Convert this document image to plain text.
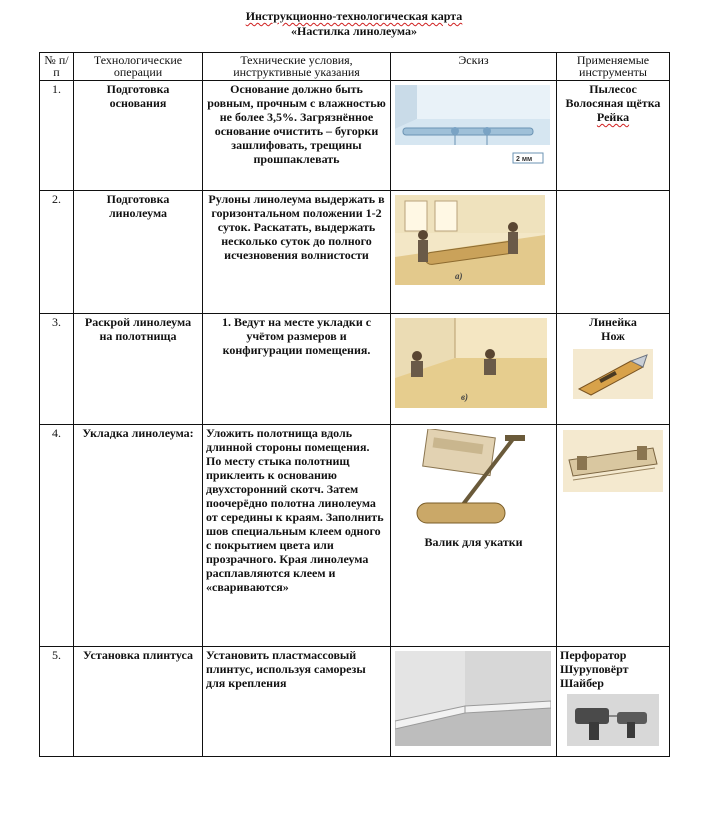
Инструкционно-технологическая карта
«Настилка линолеума»
№ п/п	Технологические операции	Технические условия, инструктивные указания	Эскиз	Применяемые инструменты
1.	Подготовка основания	Основание должно быть ровным, прочным с влажностью не более 3,5%. Загрязнённое основание очистить – бугорки зашлифовать, трещины прошпаклевать	2 мм	Пылесос
Волосяная щётка
Рейка

2.	Подготовка линолеума	Рулоны линолеума выдержать в горизонтальном положении 1-2 суток. Раскатать, выдержать несколько суток до полного исчезновения волнистости	а)	

3.	Раскрой линолеума на полотнища	1. Ведут на месте укладки с учётом размеров и конфигурации помещения.	в)	Линейка
Нож

4.	Укладка линолеума:	Уложить полотнища вдоль длинной стороны помещения. По месту стыка полотнищ приклеить к основанию двухсторонний скотч. Затем поочерёдно полотна линолеума от середины к краям. Заполнить шов специальным клеем одного с покрытием цвета или прозрачного. Края линолеума расплавляются клеем и «свариваются»	Валик для укатки

5.	Установка плинтуса	Установить пластмассовый плинтус, используя саморезы для крепления		Перфоратор
Шуруповёрт
Шайбер
